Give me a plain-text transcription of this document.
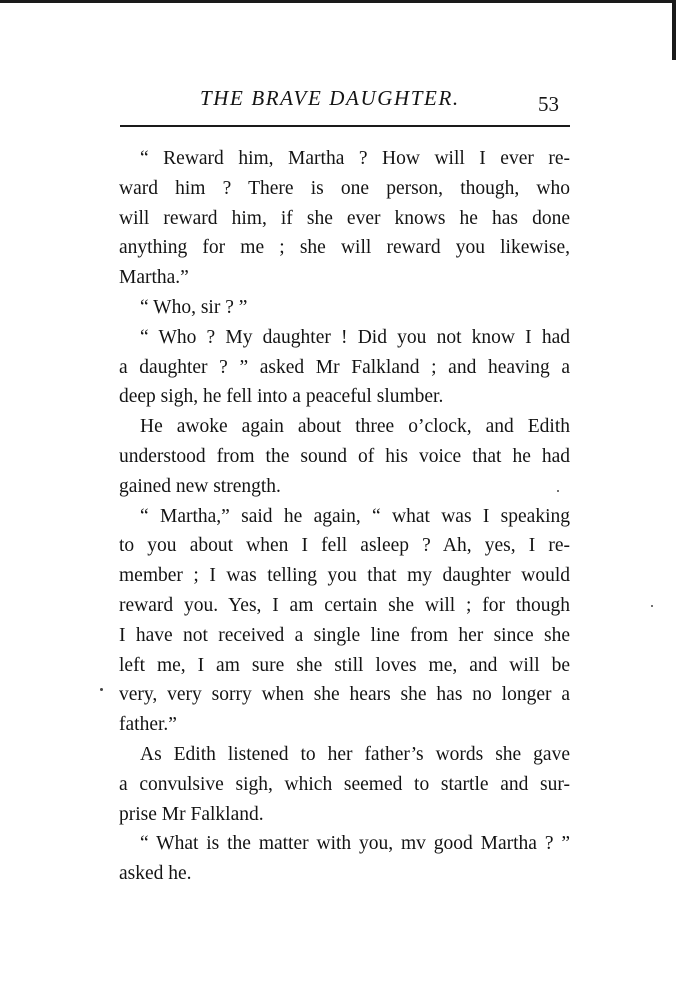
THE BRAVE DAUGHTER.	53
“ Reward him, Martha ? How will I ever re-
ward him ? There is one person, though, who
will reward him, if she ever knows he has done
anything for me ; she will reward you likewise,
Martha.”
“ Who, sir ? ”
“ Who ? My daughter ! Did you not know I had
a daughter ? ” asked Mr Falkland ; and heaving a
deep sigh, he fell into a peaceful slumber.
He awoke again about three o’clock, and Edith
understood from the sound of his voice that he had
gained new strength.
“ Martha,” said he again, “ what was I speaking
to you about when I fell asleep ? Ah, yes, I re-
member ; I was telling you that my daughter would
reward you. Yes, I am certain she will ; for though
I have not received a single line from her since she
left me, I am sure she still loves me, and will be
very, very sorry when she hears she has no longer a
father.”
As Edith listened to her father’s words she gave
a convulsive sigh, which seemed to startle and sur-
prise Mr Falkland.
“ What is the matter with you, mv good Martha ? ”
asked he.
